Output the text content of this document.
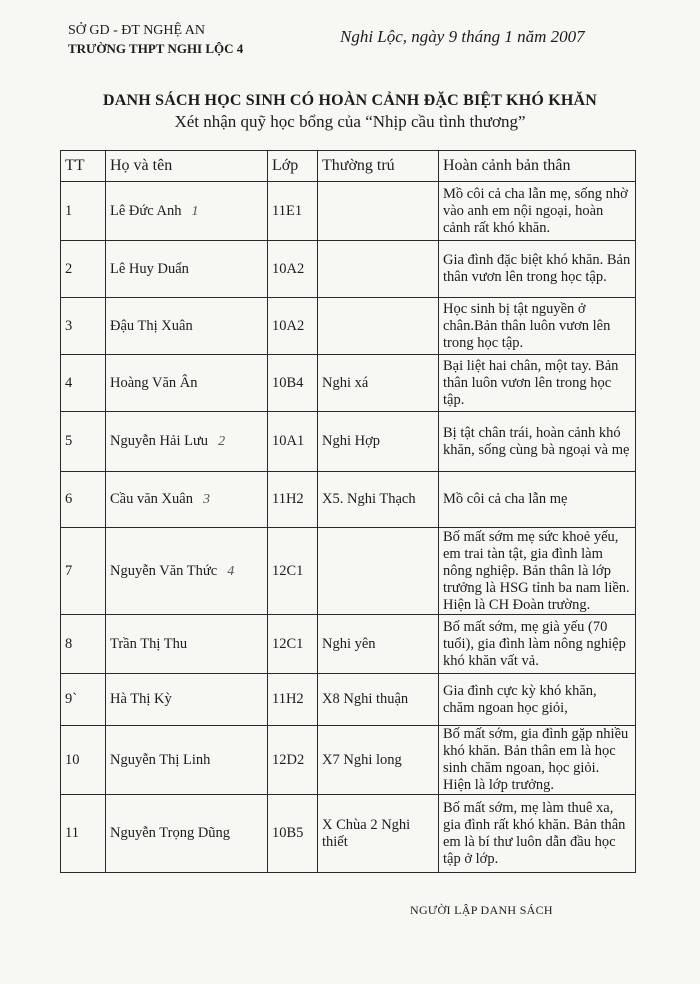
SỞ GD - ĐT NGHỆ AN
TRƯỜNG THPT NGHI LỘC 4
Nghi Lộc, ngày 9 tháng 1 năm 2007
DANH SÁCH HỌC SINH CÓ HOÀN CẢNH ĐẶC BIỆT KHÓ KHĂN
Xét nhận quỹ học bổng của “Nhịp cầu tình thương”
TT	Họ và tên	Lớp	Thường trú	Hoàn cảnh bản thân
1	Lê Đức Anh 1	11E1		Mồ côi cả cha lẫn mẹ, sống nhờ vào anh em nội ngoại, hoàn cảnh rất khó khăn.
2	Lê Huy Duẩn	10A2		Gia đình đặc biệt khó khăn. Bản thân vươn lên trong học tập.
3	Đậu Thị Xuân	10A2		Học sinh bị tật nguyền ở chân.Bản thân luôn vươn lên trong học tập.
4	Hoàng Văn Ân	10B4	Nghi xá	Bại liệt hai chân, một tay. Bản thân luôn vươn lên trong học tập.
5	Nguyễn Hải Lưu 2	10A1	Nghi Hợp	Bị tật chân trái, hoàn cảnh khó khăn, sống cùng bà ngoại và mẹ
6	Cầu văn Xuân 3	11H2	X5. Nghi Thạch	Mồ côi cả cha lẫn mẹ
7	Nguyễn Văn Thức 4	12C1		Bố mất sớm mẹ sức khoẻ yếu, em trai tàn tật, gia đình làm nông nghiệp. Bản thân là lớp trưởng là HSG tỉnh ba nam liền. Hiện là CH Đoàn trường.
8	Trần Thị Thu	12C1	Nghi yên	Bố mất sớm, mẹ già yếu (70 tuổi), gia đình làm nông nghiệp khó khăn vất vả.
9`	Hà Thị Kỳ	11H2	X8 Nghi thuận	Gia đình cực kỳ khó khăn, chăm ngoan học giỏi,
10	Nguyễn Thị Linh	12D2	X7 Nghi long	Bố mất sớm, gia đình gặp nhiều khó khăn. Bản thân em là học sinh chăm ngoan, học giỏi. Hiện là lớp trưởng.
11	Nguyễn Trọng Dũng	10B5	X Chùa 2 Nghi thiết	Bố mất sớm, mẹ làm thuê xa, gia đình rất khó khăn. Bản thân em là bí thư luôn dẫn đầu học tập ở lớp.
NGƯỜI LẬP DANH SÁCH
